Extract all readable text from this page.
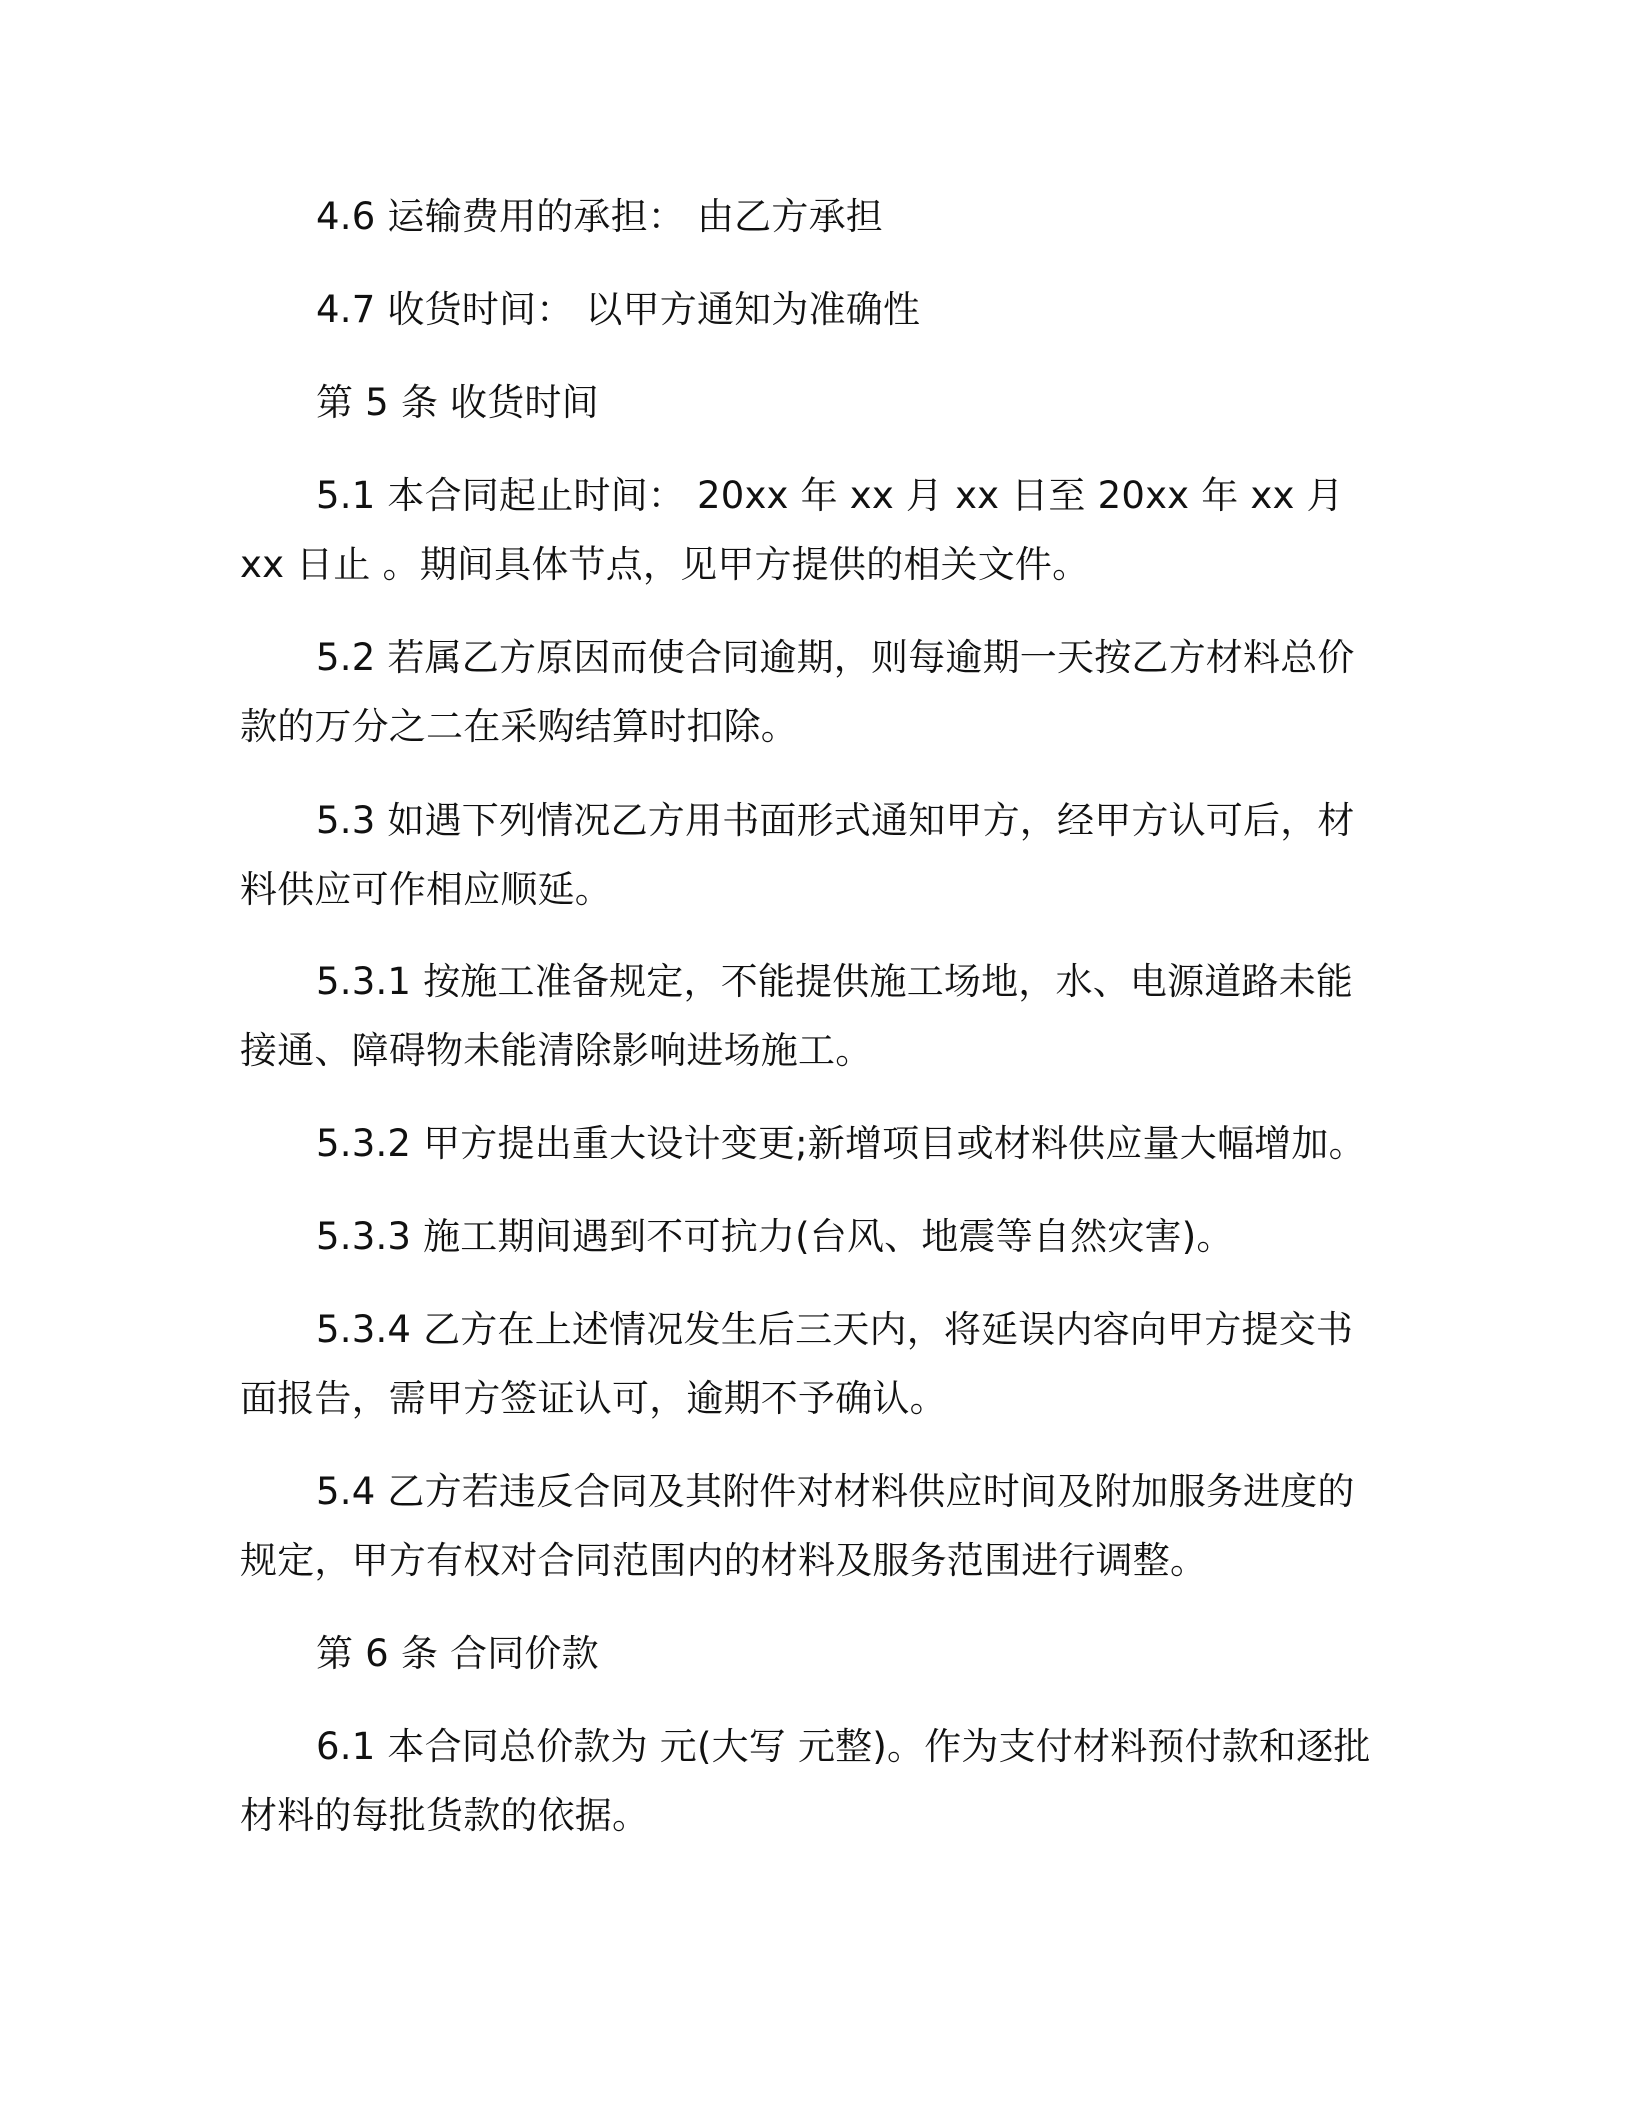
4.6 运输费用的承担： 由乙方承担

4.7 收货时间： 以甲方通知为准确性

第 5 条 收货时间

5.1 本合同起止时间： 20xx 年 xx 月 xx 日至 20xx 年 xx 月 xx 日止 。期间具体节点，见甲方提供的相关文件。

5.2 若属乙方原因而使合同逾期，则每逾期一天按乙方材料总价款的万分之二在采购结算时扣除。

5.3 如遇下列情况乙方用书面形式通知甲方，经甲方认可后，材料供应可作相应顺延。

5.3.1 按施工准备规定，不能提供施工场地，水、电源道路未能接通、障碍物未能清除影响进场施工。

5.3.2 甲方提出重大设计变更;新增项目或材料供应量大幅增加。

5.3.3 施工期间遇到不可抗力(台风、地震等自然灾害)。

5.3.4 乙方在上述情况发生后三天内，将延误内容向甲方提交书面报告，需甲方签证认可，逾期不予确认。

5.4 乙方若违反合同及其附件对材料供应时间及附加服务进度的规定，甲方有权对合同范围内的材料及服务范围进行调整。

第 6 条 合同价款

6.1 本合同总价款为 元(大写 元整)。作为支付材料预付款和逐批材料的每批货款的依据。
